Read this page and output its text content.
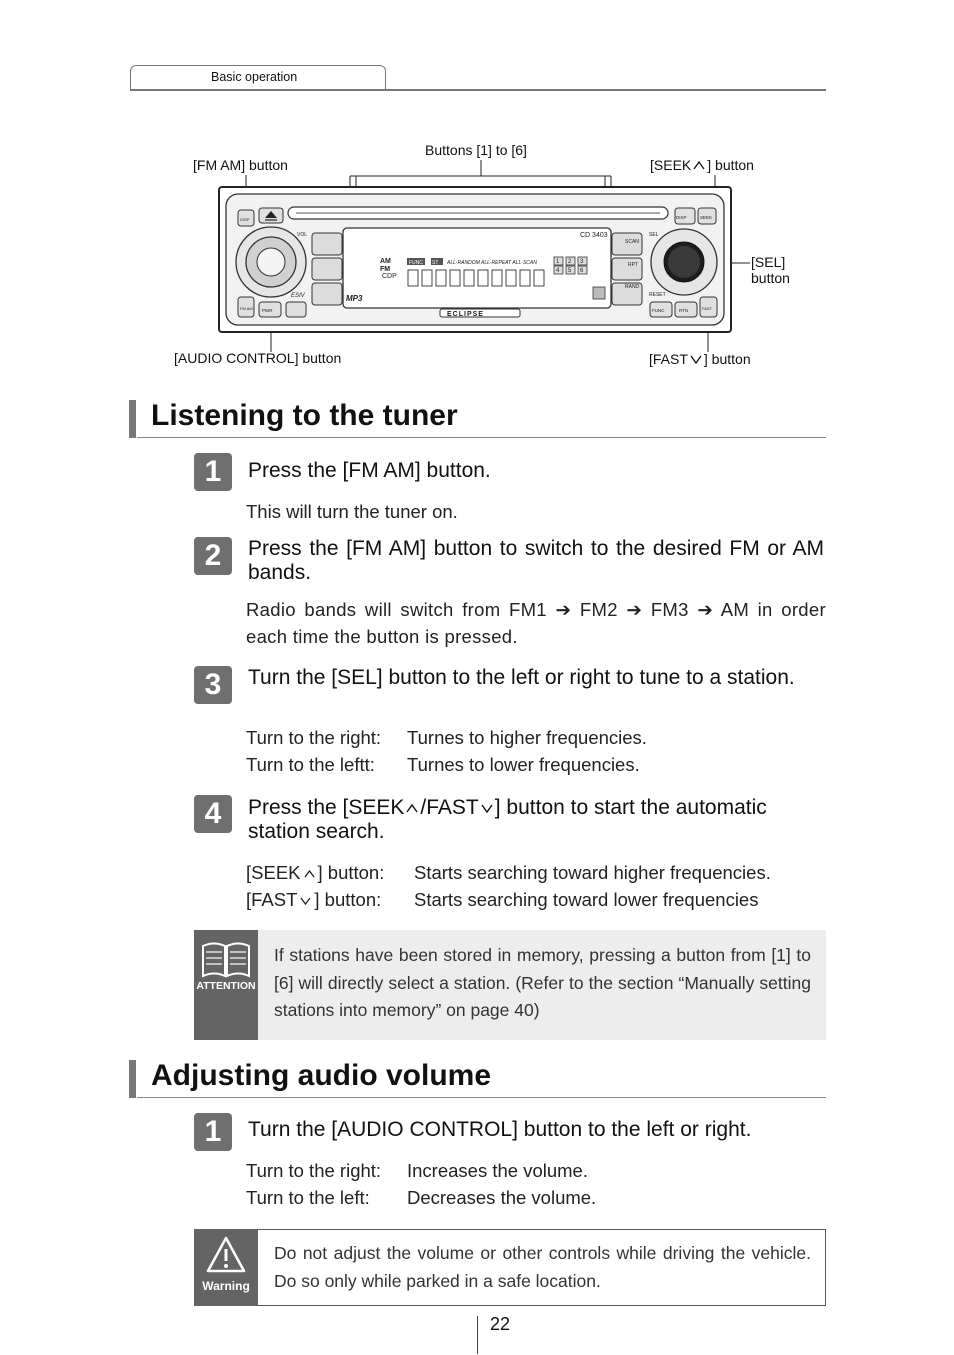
Basic operation
Buttons [1] to [6]
[FM AM] button	[SEEK ] button
[SEL]
button
[AUDIO CONTROL] button	[FAST ] button
CD 3403
ECLIPSE
ESIV	MP3
AM
FM
CDP
FUNC ST ALL·RANDOM ALL·REPEAT ALL·SCAN
DISP	DISP	SEEK
SCAN
RPT
RAND
SEL
RESET
FUNC	RTN	FAST
VOL
FM AM PWR
1 2 3
4 5 6
Listening to the tuner
1	Press the [FM AM] button.
This will turn the tuner on.
2	Press the [FM AM] button to switch to the desired FM or AM bands.
Radio bands will switch from FM1 ➔ FM2 ➔ FM3 ➔ AM in order each time the button is pressed.
3	Turn the [SEL] button to the left or right to tune to a station.
Turn to the right: Turnes to higher frequencies.
Turn to the leftt: Turnes to lower frequencies.
4	Press the [SEEK /FAST ] button to start the automatic station search.
[SEEK ] button: Starts searching toward higher frequencies.
[FAST ] button: Starts searching toward lower frequencies
ATTENTION
If stations have been stored in memory, pressing a button from [1] to [6] will directly select a station. (Refer to the section “Manually setting stations into memory” on page 40)
Adjusting audio volume
1	Turn the [AUDIO CONTROL] button to the left or right.
Turn to the right: Increases the volume.
Turn to the left: Decreases the volume.
Warning
Do not adjust the volume or other controls while driving the vehicle. Do so only while parked in a safe location.
22
